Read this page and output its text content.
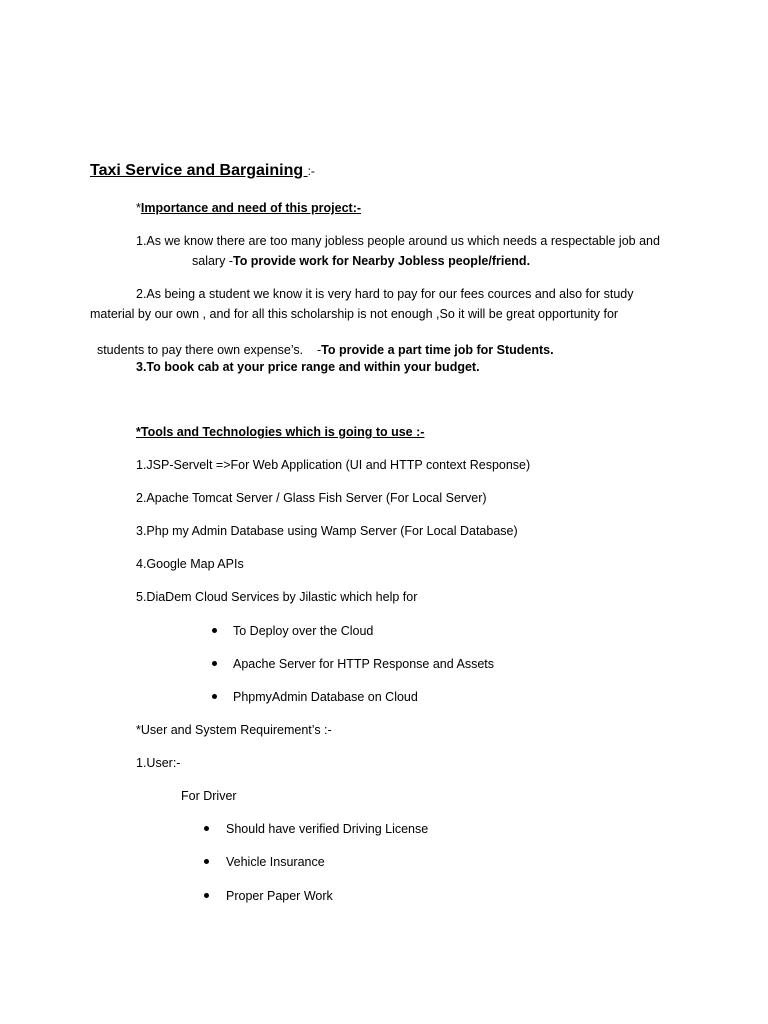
Taxi Service and Bargaining :-
*Importance and need of this project:-
1.As we know there are too many jobless people around us which needs a respectable job and
salary -To provide work for Nearby Jobless people/friend.
2.As being a student we know it is very hard to pay for our fees cources and also for study
material by our own , and for all this scholarship is not enough ,So it will be great opportunity for

students to pay there own expense’s.    -To provide a part time job for Students.

3.To book cab at your price range and within your budget.
*Tools and Technologies which is going to use :-
1.JSP-Servelt =>For Web Application (UI and HTTP context Response)
2.Apache Tomcat Server / Glass Fish Server (For Local Server)
3.Php my Admin Database using Wamp Server (For Local Database)
4.Google Map APIs
5.DiaDem Cloud Services by Jilastic which help for
To Deploy over the Cloud
Apache Server for HTTP Response and Assets
PhpmyAdmin Database on Cloud
*User and System Requirement’s :-
1.User:-
For Driver
Should have verified Driving License
Vehicle Insurance
Proper Paper Work
